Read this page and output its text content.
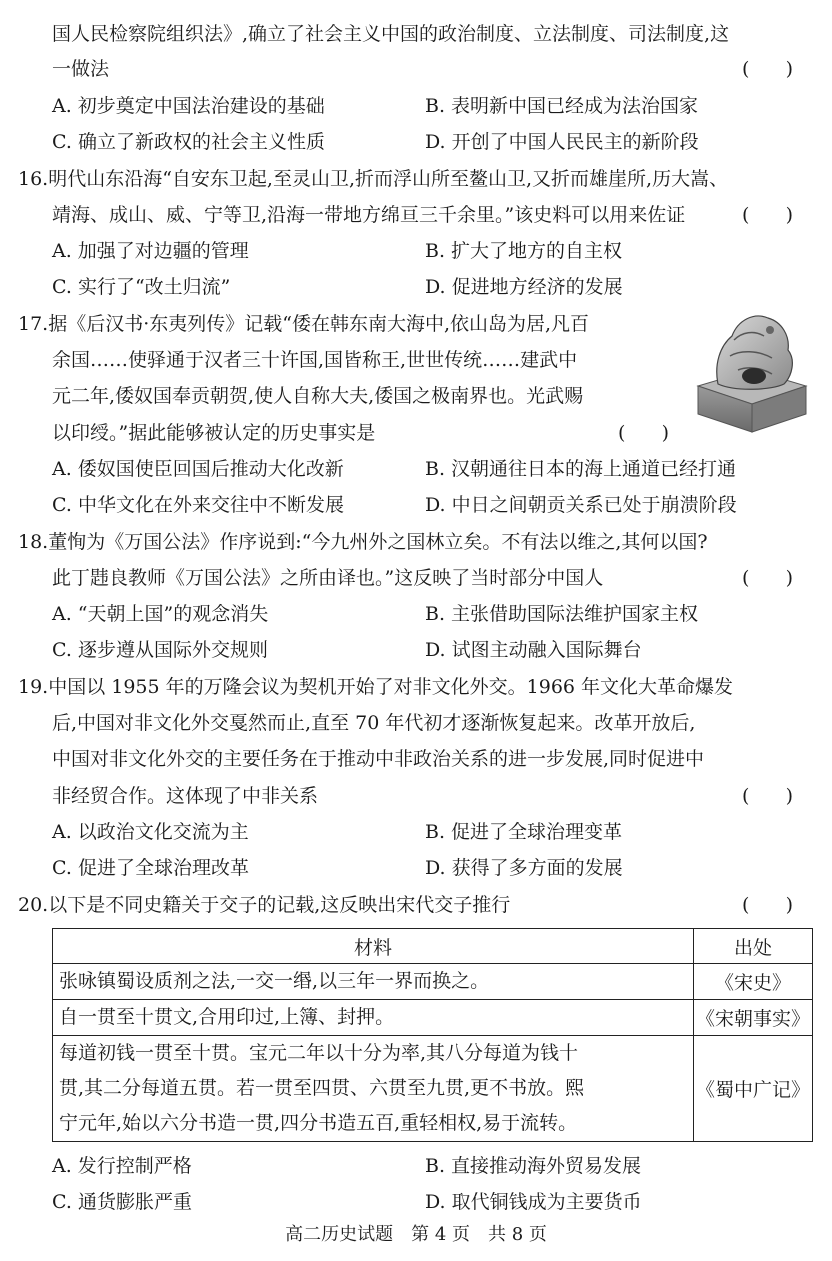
国人民检察院组织法》,确立了社会主义中国的政治制度、立法制度、司法制度,这
一做法	(      )
A. 初步奠定中国法治建设的基础	B. 表明新中国已经成为法治国家
C. 确立了新政权的社会主义性质	D. 开创了中国人民民主的新阶段
16.明代山东沿海“自安东卫起,至灵山卫,折而浮山所至鳌山卫,又折而雄崖所,历大嵩、
靖海、成山、威、宁等卫,沿海一带地方绵亘三千余里。”该史料可以用来佐证	(      )
A. 加强了对边疆的管理	B. 扩大了地方的自主权
C. 实行了“改土归流”	D. 促进地方经济的发展
17.据《后汉书·东夷列传》记载“倭在韩东南大海中,依山岛为居,凡百
余国……使驿通于汉者三十许国,国皆称王,世世传统……建武中
元二年,倭奴国奉贡朝贺,使人自称大夫,倭国之极南界也。光武赐
以印绶。”据此能够被认定的历史事实是	(      )
A. 倭奴国使臣回国后推动大化改新	B. 汉朝通往日本的海上通道已经打通
C. 中华文化在外来交往中不断发展	D. 中日之间朝贡关系已处于崩溃阶段
18.董恂为《万国公法》作序说到:“今九州外之国林立矣。不有法以维之,其何以国?
此丁韪良教师《万国公法》之所由译也。”这反映了当时部分中国人	(      )
A. “天朝上国”的观念消失	B. 主张借助国际法维护国家主权
C. 逐步遵从国际外交规则	D. 试图主动融入国际舞台
19.中国以 1955 年的万隆会议为契机开始了对非文化外交。1966 年文化大革命爆发
后,中国对非文化外交戛然而止,直至 70 年代初才逐渐恢复起来。改革开放后,
中国对非文化外交的主要任务在于推动中非政治关系的进一步发展,同时促进中
非经贸合作。这体现了中非关系	(      )
A. 以政治文化交流为主	B. 促进了全球治理变革
C. 促进了全球治理改革	D. 获得了多方面的发展
20.以下是不同史籍关于交子的记载,这反映出宋代交子推行	(      )
材料	出处
张咏镇蜀设质剂之法,一交一缗,以三年一界而换之。	《宋史》
自一贯至十贯文,合用印过,上簿、封押。	《宋朝事实》

每道初钱一贯至十贯。宝元二年以十分为率,其八分每道为钱十
贯,其二分每道五贯。若一贯至四贯、六贯至九贯,更不书放。熙
宁元年,始以六分书造一贯,四分书造五百,重轻相权,易于流转。	《蜀中广记》
A. 发行控制严格	B. 直接推动海外贸易发展
C. 通货膨胀严重	D. 取代铜钱成为主要货币
高二历史试题　第 4 页　共 8 页
